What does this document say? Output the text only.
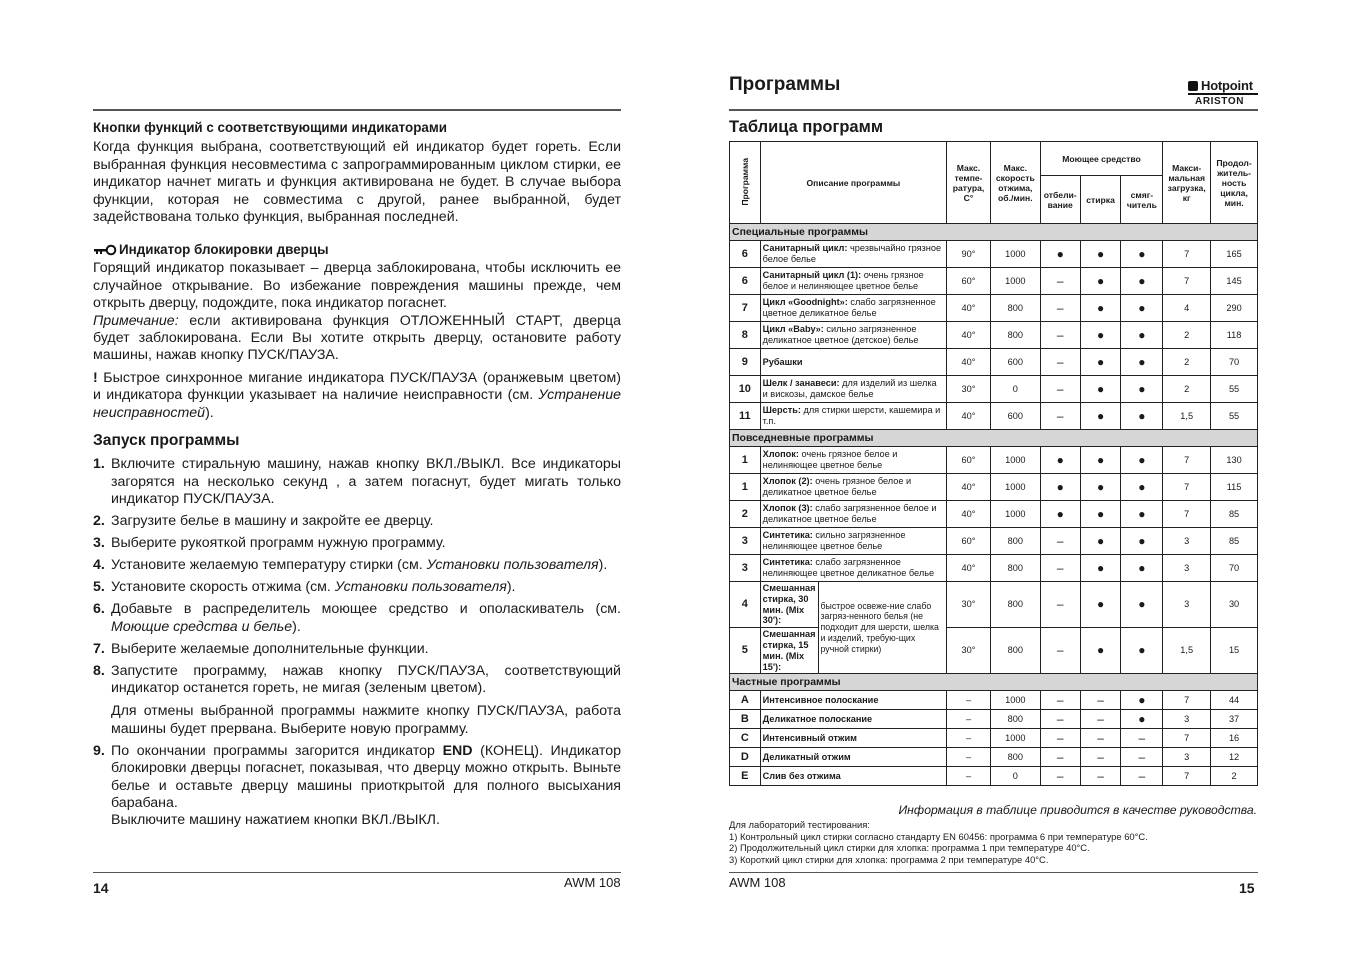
Кнопки функций с соответствующими индикаторами

Когда функция выбрана, соответствующий ей индикатор будет гореть. Если выбранная функция несовместима с запрограммированным циклом стирки, ее индикатор начнет мигать и функция активирована не будет. В случае выбора функции, которая не совместима с другой, ранее выбранной, будет задействована только функция, выбранная последней.

Индикатор блокировки дверцы

Горящий индикатор показывает – дверца заблокирована, чтобы исключить ее случайное открывание. Во избежание повреждения машины прежде, чем открыть дверцу, подождите, пока индикатор погаснет.

Примечание: если активирована функция ОТЛОЖЕННЫЙ СТАРТ, дверца будет заблокирована. Если Вы хотите открыть дверцу, остановите работу машины, нажав кнопку ПУСК/ПАУЗА.

! Быстрое синхронное мигание индикатора ПУСК/ПАУЗА (оранжевым цветом) и индикатора функции указывает на наличие неисправности (см. Устранение неисправностей).

Запуск программы

1. Включите стиральную машину, нажав кнопку ВКЛ./ВЫКЛ. Все индикаторы загорятся на несколько секунд , а затем погаснут, будет мигать только индикатор ПУСК/ПАУЗА.
2. Загрузите белье в машину и закройте ее дверцу.
3. Выберите рукояткой программ нужную программу.
4. Установите желаемую температуру стирки (см. Установки пользователя).
5. Установите скорость отжима (см. Установки пользователя).
6. Добавьте в распределитель моющее средство и ополаскиватель (см. Моющие средства и белье).
7. Выберите желаемые дополнительные функции.
8. Запустите программу, нажав кнопку ПУСК/ПАУЗА, соответствующий индикатор останется гореть, не мигая (зеленым цветом).
Для отмены выбранной программы нажмите кнопку ПУСК/ПАУЗА, работа машины будет прервана. Выберите новую программу.
9. По окончании программы загорится индикатор END (КОНЕЦ). Индикатор блокировки дверцы погаснет, показывая, что дверцу можно открыть. Выньте белье и оставьте дверцу машины приоткрытой для полного высыхания барабана.
Выключите машину нажатием кнопки ВКЛ./ВЫКЛ.
14	AWM 108
Программы	Hotpoint
ARISTON
Таблица программ
Программа	Описание программы		Макс. темпе-ратура, С°	Макс. скорость отжима, об./мин.	Моющее средство			Макси-мальная загрузка, кг	Продол-житель-ность цикла, мин.
					отбели-вание	стирка	смяг-читель		
Специальные программы									
6	Санитарный цикл: чрезвычайно грязное белое белье		90°	1000	●	●	●	7	165
6	Санитарный цикл (1): очень грязное белое и нелиняющее цветное белье		60°	1000	–	●	●	7	145
7	Цикл «Goodnight»: слабо загрязненное цветное деликатное белье		40°	800	–	●	●	4	290
8	Цикл «Baby»: сильно загрязненное деликатное цветное (детское) белье		40°	800	–	●	●	2	118
9	Рубашки		40°	600	–	●	●	2	70
10	Шелк / занавеси: для изделий из шелка и вискозы, дамское белье		30°	0	–	●	●	2	55
11	Шерсть: для стирки шерсти, кашемира и т.п.		40°	600	–	●	●	1,5	55
Повседневные программы									
1	Хлопок: очень грязное белое и нелиняющее цветное белье		60°	1000	●	●	●	7	130
1	Хлопок (2): очень грязное белое и деликатное цветное белье		40°	1000	●	●	●	7	115
2	Хлопок (3): слабо загрязненное белое и деликатное цветное белье		40°	1000	●	●	●	7	85
3	Синтетика: сильно загрязненное нелиняющее цветное белье		60°	800	–	●	●	3	85
3	Синтетика: слабо загрязненное нелиняющее цветное деликатное белье		40°	800	–	●	●	3	70
4	Смешанная стирка, 30 мин. (Mix 30'):	быстрое освеже-ние слабо загряз-ненного белья (не подходит для шерсти, шелка и изделий, требую-щих ручной стирки)	30°	800	–	●	●	3	30
5	Смешанная стирка, 15 мин. (Mix 15'):		30°	800	–	●	●	1,5	15
Частные программы									
A	Интенсивное полоскание		–	1000	–	–	●	7	44
B	Деликатное полоскание		–	800	–	–	●	3	37
C	Интенсивный отжим		–	1000	–	–	–	7	16
D	Деликатный отжим		–	800	–	–	–	3	12
E	Слив без отжима		–	0	–	–	–	7	2
Информация в таблице приводится в качестве руководства.
Для лабораторий тестирования:
1) Контрольный цикл стирки согласно стандарту EN 60456: программа 6 при температуре 60°C.
2) Продолжительный цикл стирки для хлопка: программа 1 при температуре 40°C.
3) Короткий цикл стирки для хлопка: программа 2 при температуре 40°C.
AWM 108	15
